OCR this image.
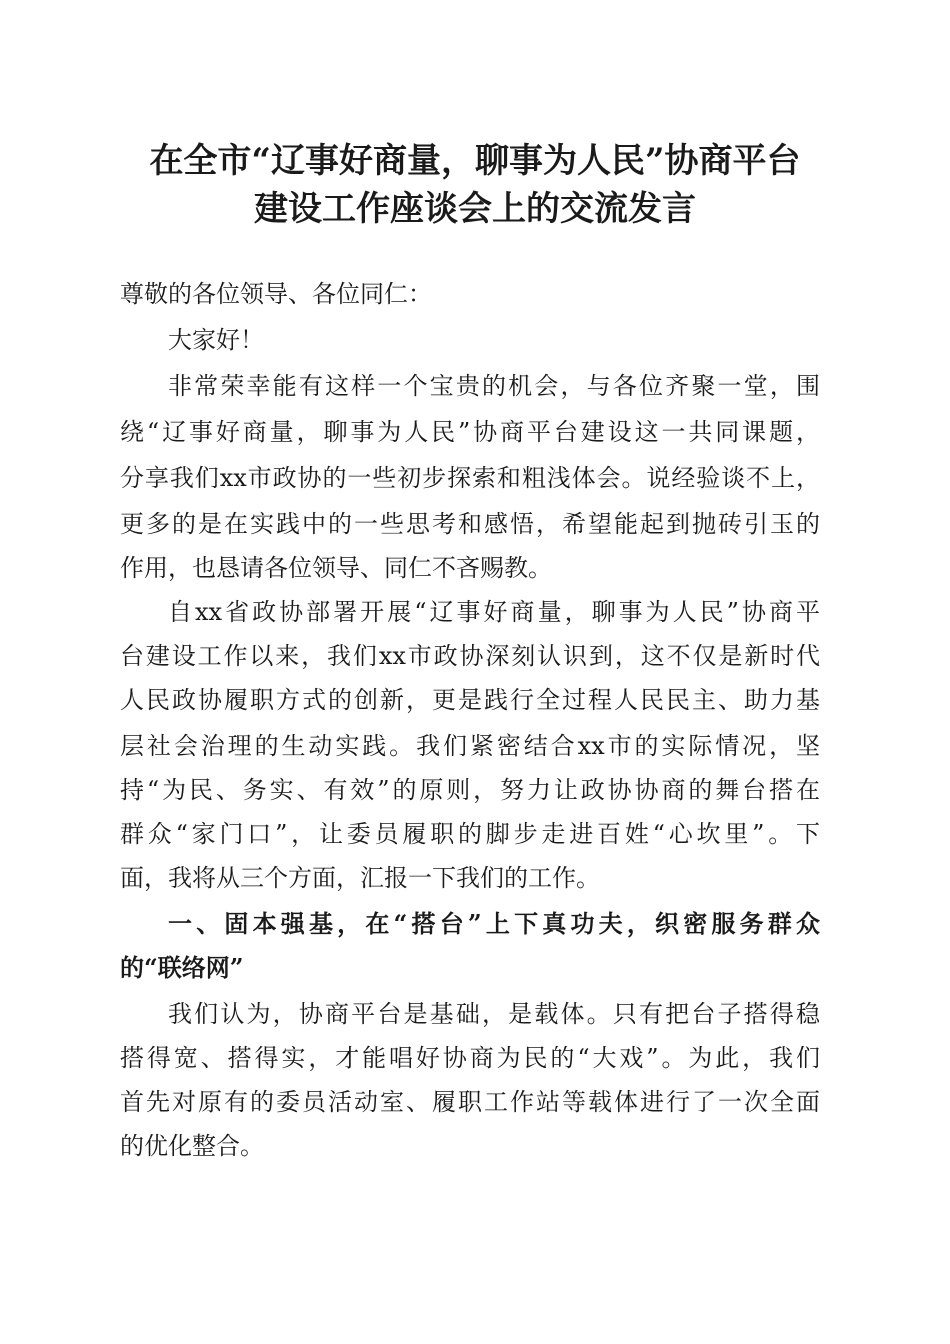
在全市“辽事好商量，聊事为人民”协商平台
建设工作座谈会上的交流发言

尊敬的各位领导、各位同仁：

大家好！

非常荣幸能有这样一个宝贵的机会，与各位齐聚一堂，围

绕“辽事好商量，聊事为人民”协商平台建设这一共同课题，

分享我们xx市政协的一些初步探索和粗浅体会。说经验谈不上，

更多的是在实践中的一些思考和感悟，希望能起到抛砖引玉的

作用，也恳请各位领导、同仁不吝赐教。

自xx省政协部署开展“辽事好商量，聊事为人民”协商平

台建设工作以来，我们xx市政协深刻认识到，这不仅是新时代

人民政协履职方式的创新，更是践行全过程人民民主、助力基

层社会治理的生动实践。我们紧密结合xx市的实际情况，坚

持“为民、务实、有效”的原则，努力让政协协商的舞台搭在

群众“家门口”，让委员履职的脚步走进百姓“心坎里”。下

面，我将从三个方面，汇报一下我们的工作。

一、固本强基，在“搭台”上下真功夫，织密服务群众

的“联络网”

我们认为，协商平台是基础，是载体。只有把台子搭得稳

搭得宽、搭得实，才能唱好协商为民的“大戏”。为此，我们

首先对原有的委员活动室、履职工作站等载体进行了一次全面

的优化整合。
